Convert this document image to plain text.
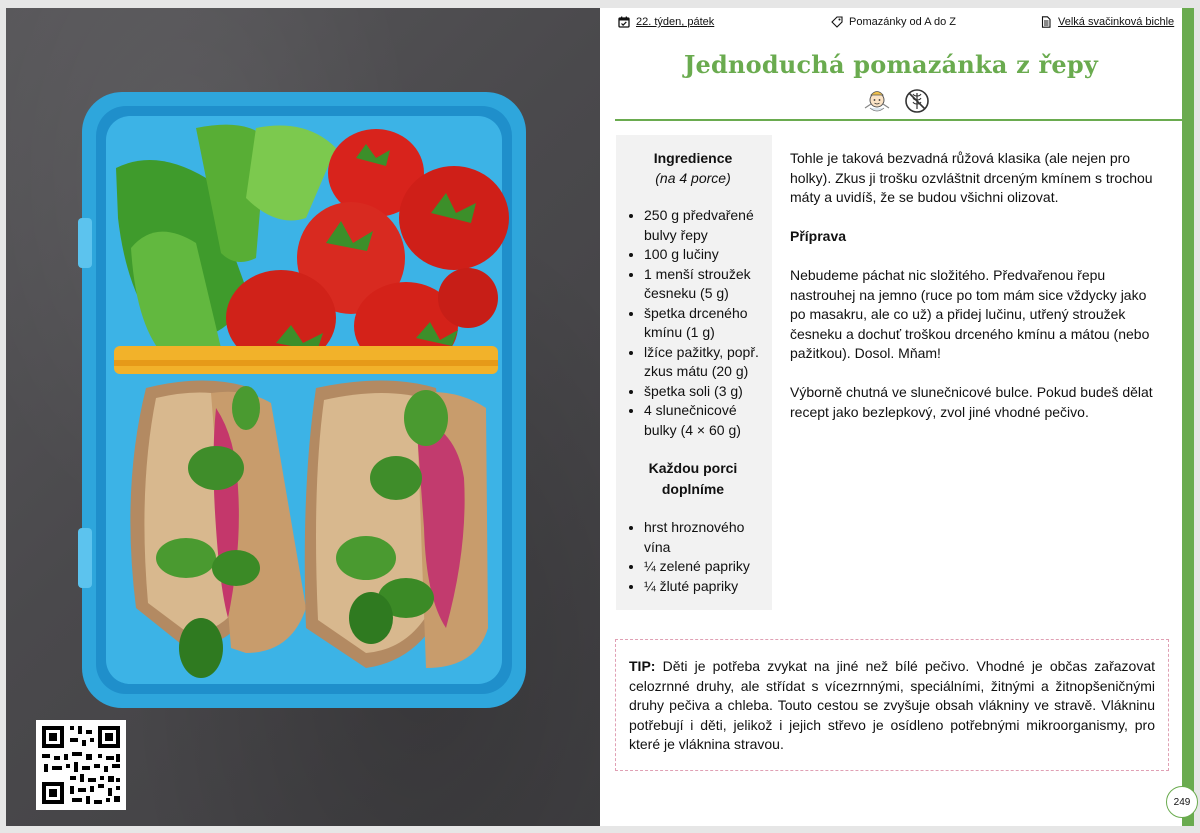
22. týden, pátek	Pomazánky od A do Z	Velká svačinková bichle
Jednoduchá pomazánka z řepy
Ingredience
(na 4 porce)
• 250 g předvařené bulvy řepy
• 100 g lučiny
• 1 menší stroužek česneku (5 g)
• špetka drceného kmínu (1 g)
• lžíce pažitky, popř. zkus mátu (20 g)
• špetka soli (3 g)
• 4 slunečnicové bulky (4 × 60 g)
Každou porci doplníme
• hrst hroznového vína
• ¼ zelené papriky
• ¼ žluté papriky

Tohle je taková bezvadná růžová klasika (ale nejen pro holky). Zkus ji trošku ozvláštnit drceným kmínem s trochou máty a uvidíš, že se budou všichni olizovat.

Příprava

Nebudeme páchat nic složitého. Předvařenou řepu nastrouhej na jemno (ruce po tom mám sice vždycky jako po masakru, ale co už) a přidej lučinu, utřený stroužek česneku a dochuť troškou drceného kmínu a mátou (nebo pažitkou). Dosol. Mňam!

Výborně chutná ve slunečnicové bulce. Pokud budeš dělat recept jako bezlepkový, zvol jiné vhodné pečivo.

TIP: Děti je potřeba zvykat na jiné než bílé pečivo. Vhodné je občas zařazovat celozrnné druhy, ale střídat s vícezrnnými, speciálními, žitnými a žitnopšeničnými druhy pečiva a chleba. Touto cestou se zvyšuje obsah vlákniny ve stravě. Vlákninu potřebují i děti, jelikož i jejich střevo je osídleno potřebnými mikroorganismy, pro které je vláknina stravou.
249
